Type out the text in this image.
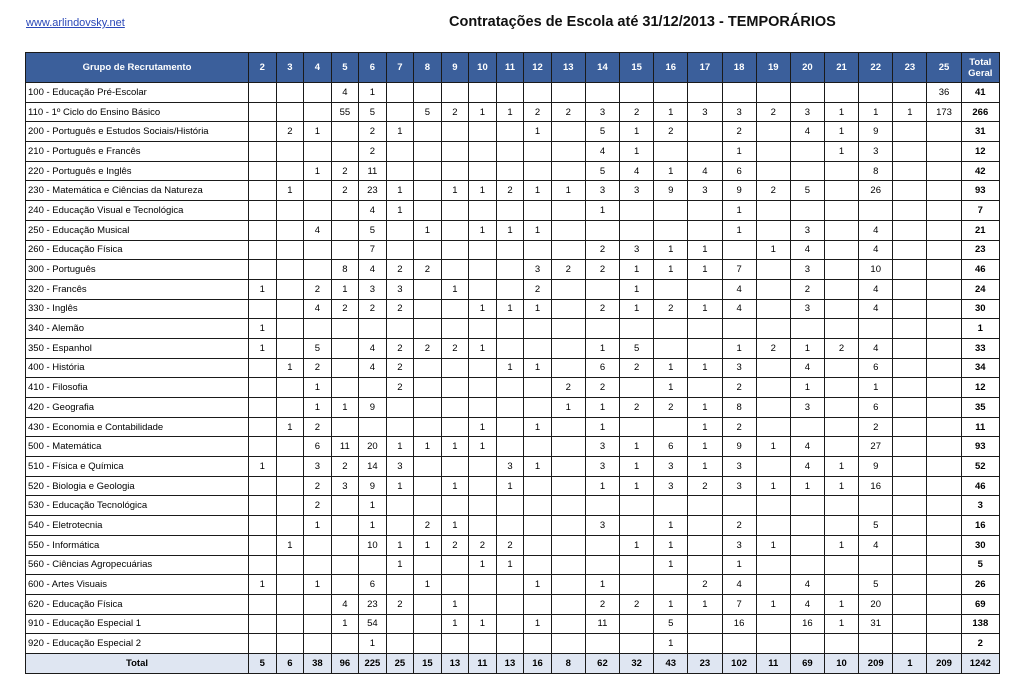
www.arlindovsky.net	Contratações de Escola até 31/12/2013 - TEMPORÁRIOS
Grupo de Recrutamento	2	3	4	5	6	7	8	9	10	11	12	13	14	15	16	17	18	19	20	21	22	23	25	Total
Geral
100 - Educação Pré-Escolar				4	1																		36	41
110 - 1º Ciclo do Ensino Básico				55	5		5	2	1	1	2	2	3	2	1	3	3	2	3	1	1	1	173	266
200 - Português e Estudos Sociais/História		2	1		2	1					1		5	1	2		2		4	1	9			31
210 - Português e Francês					2								4	1			1			1	3			12
220 - Português e Inglês			1	2	11								5	4	1	4	6				8			42
230 - Matemática e Ciências da Natureza		1		2	23	1		1	1	2	1	1	3	3	9	3	9	2	5		26			93
240 - Educação Visual e Tecnológica					4	1							1				1							7
250 - Educação Musical			4		5		1		1	1	1						1		3		4			21
260 - Educação Física					7								2	3	1	1		1	4		4			23
300 - Português				8	4	2	2				3	2	2	1	1	1	7		3		10			46
320 - Francês	1		2	1	3	3		1			2			1			4		2		4			24
330 - Inglês			4	2	2	2			1	1	1		2	1	2	1	4		3		4			30
340 - Alemão	1																							1
350 - Espanhol	1		5		4	2	2	2	1				1	5			1	2	1	2	4			33
400 - História		1	2		4	2				1	1		6	2	1	1	3		4		6			34
410 - Filosofia			1			2						2	2		1		2		1		1			12
420 - Geografia			1	1	9							1	1	2	2	1	8		3		6			35
430 - Economia e Contabilidade		1	2						1		1		1			1	2				2			11
500 - Matemática			6	11	20	1	1	1	1				3	1	6	1	9	1	4		27			93
510 - Física e Química	1		3	2	14	3				3	1		3	1	3	1	3		4	1	9			52
520 - Biologia e Geologia			2	3	9	1		1		1			1	1	3	2	3	1	1	1	16			46
530 - Educação Tecnológica			2		1																			3
540 - Eletrotecnia			1		1		2	1					3		1		2				5			16
550 - Informática		1			10	1	1	2	2	2				1	1		3	1		1	4			30
560 - Ciências Agropecuárias						1			1	1					1		1							5
600 - Artes Visuais	1		1		6		1				1		1			2	4		4		5			26
620 - Educação Física				4	23	2		1					2	2	1	1	7	1	4	1	20			69
910 - Educação Especial 1				1	54			1	1		1		11		5		16		16	1	31			138
920 - Educação Especial 2					1										1									2
Total	5	6	38	96	225	25	15	13	11	13	16	8	62	32	43	23	102	11	69	10	209	1	209	1242
